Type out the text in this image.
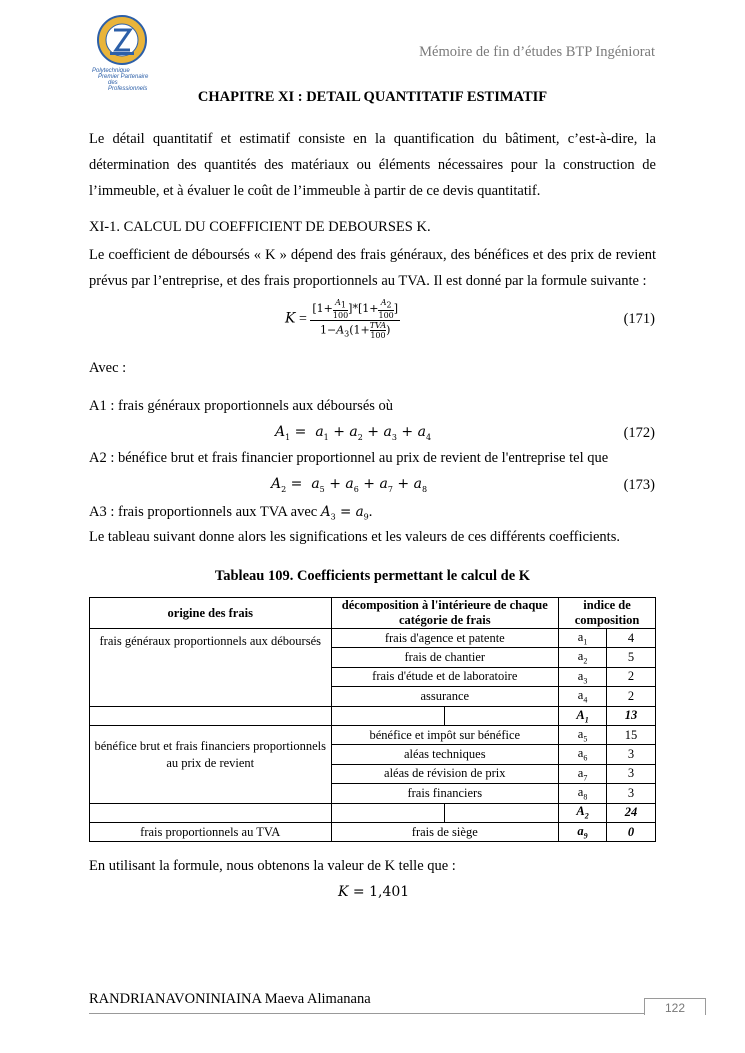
Polytechnique
Premier Partenaire
des Professionnels
Mémoire de fin d’études BTP Ingéniorat
CHAPITRE XI : DETAIL QUANTITATIF ESTIMATIF
Le détail quantitatif et estimatif consiste en la quantification du bâtiment, c’est-à-dire, la détermination des quantités des matériaux ou éléments nécessaires pour la construction de l’immeuble, et à évaluer le coût de l’immeuble à partir de ce devis quantitatif.
XI-1. CALCUL DU COEFFICIENT DE DEBOURSES K.
Le coefficient de déboursés « K » dépend des frais généraux, des bénéfices et des prix de revient prévus par l’entreprise, et des frais proportionnels au TVA. Il est donné par la formule suivante :
$K = [1+ \frac{A_1}{100} ]*[1+ \frac{A_2}{100}$ ]
$1-A_3(1+$ TVA
100 )	(171)
Avec :
A1 : frais généraux proportionnels aux déboursés où
$A_1 = a_1 + a_2 + a_3 + a_4$	(172)
A2 : bénéfice brut et frais financier proportionnel au prix de revient de l'entreprise tel que
$A_2 = a_5 + a_6 + a_7 + a_8$	(173)
A3 : frais proportionnels aux TVA avec $A_3 = a_9$.
Le tableau suivant donne alors les significations et les valeurs de ces différents coefficients.
Tableau 109. Coefficients permettant le calcul de K
origine des frais	décomposition à l'intérieure de chaque catégorie de frais		indice de composition	
frais généraux proportionnels aux déboursés	frais d'agence et patente		$a_1$	4
	frais de chantier		$a_2$	5
	frais d'étude et de laboratoire		$a_3$	2
	assurance		$a_4$	2
			$A_1$	13
bénéfice brut et frais financiers proportionnels au prix de revient	bénéfice et impôt sur bénéfice		$a_5$	15
	aléas techniques		$a_6$	3
	aléas de révision de prix		$a_7$	3
	frais financiers		$a_8$	3
			$A_2$	24
frais proportionnels au TVA	frais de siège		$a_9$	0
En utilisant la formule, nous obtenons la valeur de K telle que :
K = 1,401
RANDRIANAVONINIAINA Maeva Alimanana
122
